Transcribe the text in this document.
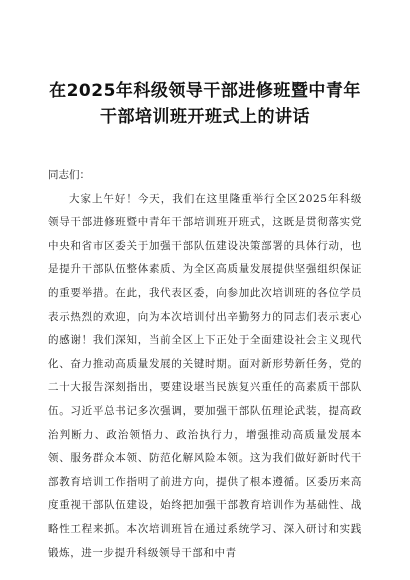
在2025年科级领导干部进修班暨中青年
干部培训班开班式上的讲话

同志们：

大家上午好！今天，我们在这里隆重举行全区2025年科级领导干部进修班暨中青年干部培训班开班式，这既是贯彻落实党中央和省市区委关于加强干部队伍建设决策部署的具体行动，也是提升干部队伍整体素质、为全区高质量发展提供坚强组织保证的重要举措。在此，我代表区委，向参加此次培训班的各位学员表示热烈的欢迎，向为本次培训付出辛勤努力的同志们表示衷心的感谢！我们深知，当前全区上下正处于全面建设社会主义现代化、奋力推动高质量发展的关键时期。面对新形势新任务，党的二十大报告深刻指出，要建设堪当民族复兴重任的高素质干部队伍。习近平总书记多次强调，要加强干部队伍理论武装，提高政治判断力、政治领悟力、政治执行力，增强推动高质量发展本领、服务群众本领、防范化解风险本领。这为我们做好新时代干部教育培训工作指明了前进方向，提供了根本遵循。区委历来高度重视干部队伍建设，始终把加强干部教育培训作为基础性、战略性工程来抓。本次培训班旨在通过系统学习、深入研讨和实践锻炼，进一步提升科级领导干部和中青
